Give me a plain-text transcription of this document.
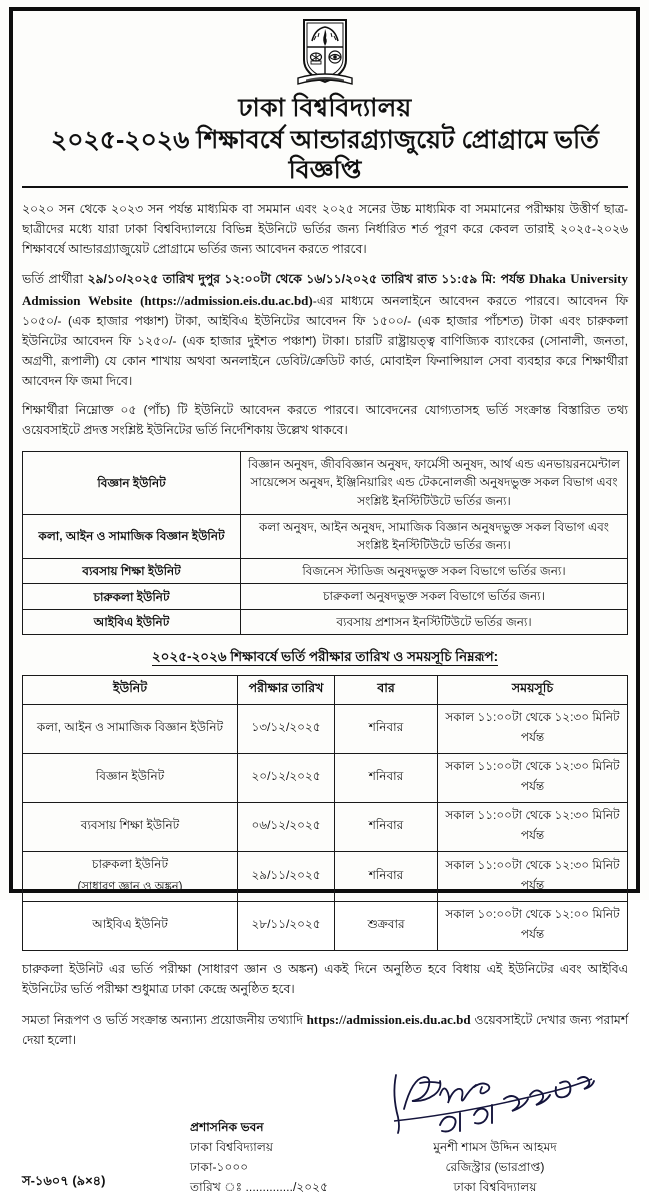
ঢাকা বিশ্ববিদ্যালয়
২০২৫-২০২৬ শিক্ষাবর্ষে আন্ডারগ্র্যাজুয়েট প্রোগ্রামে ভর্তি বিজ্ঞপ্তি
২০২০ সন থেকে ২০২৩ সন পর্যন্ত মাধ্যমিক বা সমমান এবং ২০২৫ সনের উচ্চ মাধ্যমিক বা সমমানের পরীক্ষায় উত্তীর্ণ ছাত্র-ছাত্রীদের মধ্যে যারা ঢাকা বিশ্ববিদ্যালয়ে বিভিন্ন ইউনিটে ভর্তির জন্য নির্ধারিত শর্ত পূরণ করে কেবল তারাই ২০২৫-২০২৬ শিক্ষাবর্ষে আন্ডারগ্র্যাজুয়েট প্রোগ্রামে ভর্তির জন্য আবেদন করতে পারবে।
ভর্তি প্রার্থীরা ২৯/১০/২০২৫ তারিখ দুপুর ১২:০০টা থেকে ১৬/১১/২০২৫ তারিখ রাত ১১:৫৯ মি: পর্যন্ত Dhaka University Admission Website (https://admission.eis.du.ac.bd)-এর মাধ্যমে অনলাইনে আবেদন করতে পারবে। আবেদন ফি ১০৫০/- (এক হাজার পঞ্চাশ) টাকা, আইবিএ ইউনিটের আবেদন ফি ১৫০০/- (এক হাজার পাঁচশত) টাকা এবং চারুকলা ইউনিটের আবেদন ফি ১২৫০/- (এক হাজার দুইশত পঞ্চাশ) টাকা। চারটি রাষ্ট্রায়ত্ত্ব বাণিজ্যিক ব্যাংকের (সোনালী, জনতা, অগ্রণী, রূপালী) যে কোন শাখায় অথবা অনলাইনে ডেবিট/ক্রেডিট কার্ড, মোবাইল ফিনান্সিয়াল সেবা ব্যবহার করে শিক্ষার্থীরা আবেদন ফি জমা দিবে।
শিক্ষার্থীরা নিম্নোক্ত ০৫ (পাঁচ) টি ইউনিটে আবেদন করতে পারবে। আবেদনের যোগ্যতাসহ ভর্তি সংক্রান্ত বিস্তারিত তথ্য ওয়েবসাইটে প্রদত্ত সংশ্লিষ্ট ইউনিটের ভর্তি নির্দেশিকায় উল্লেখ থাকবে।
বিজ্ঞান ইউনিট	বিজ্ঞান অনুষদ, জীববিজ্ঞান অনুষদ, ফার্মেসী অনুষদ, আর্থ এন্ড এনভায়রনমেন্টাল সায়েন্সেস অনুষদ, ইঞ্জিনিয়ারিং এন্ড টেকনোলজী অনুষদভুক্ত সকল বিভাগ এবং সংশ্লিষ্ট ইনস্টিটিউটে ভর্তির জন্য।
কলা, আইন ও সামাজিক বিজ্ঞান ইউনিট	কলা অনুষদ, আইন অনুষদ, সামাজিক বিজ্ঞান অনুষদভুক্ত সকল বিভাগ এবং সংশ্লিষ্ট ইনস্টিটিউটে ভর্তির জন্য।
ব্যবসায় শিক্ষা ইউনিট	বিজনেস স্টাডিজ অনুষদভুক্ত সকল বিভাগে ভর্তির জন্য।
চারুকলা ইউনিট	চারুকলা অনুষদভুক্ত সকল বিভাগে ভর্তির জন্য।
আইবিএ ইউনিট	ব্যবসায় প্রশাসন ইনস্টিটিউটে ভর্তির জন্য।
২০২৫-২০২৬ শিক্ষাবর্ষে ভর্তি পরীক্ষার তারিখ ও সময়সূচি নিম্নরূপ:
ইউনিট	পরীক্ষার তারিখ	বার	সময়সূচি
কলা, আইন ও সামাজিক বিজ্ঞান ইউনিট	১৩/১২/২০২৫	শনিবার	সকাল ১১:০০টা থেকে ১২:৩০ মিনিট পর্যন্ত
বিজ্ঞান ইউনিট	২০/১২/২০২৫	শনিবার	সকাল ১১:০০টা থেকে ১২:৩০ মিনিট পর্যন্ত
ব্যবসায় শিক্ষা ইউনিট	০৬/১২/২০২৫	শনিবার	সকাল ১১:০০টা থেকে ১২:৩০ মিনিট পর্যন্ত
চারুকলা ইউনিট
(সাধারণ জ্ঞান ও অঙ্কন)	২৯/১১/২০২৫	শনিবার	সকাল ১১:০০টা থেকে ১২:৩০ মিনিট পর্যন্ত
আইবিএ ইউনিট	২৮/১১/২০২৫	শুক্রবার	সকাল ১০:০০টা থেকে ১২:০০ মিনিট পর্যন্ত
চারুকলা ইউনিট এর ভর্তি পরীক্ষা (সাধারণ জ্ঞান ও অঙ্কন) একই দিনে অনুষ্ঠিত হবে বিধায় এই ইউনিটের এবং আইবিএ ইউনিটের ভর্তি পরীক্ষা শুধুমাত্র ঢাকা কেন্দ্রে অনুষ্ঠিত হবে।
সমতা নিরূপণ ও ভর্তি সংক্রান্ত অন্যান্য প্রয়োজনীয় তথ্যাদি https://admission.eis.du.ac.bd ওয়েবসাইটে দেখার জন্য পরামর্শ দেয়া হলো।
স-১৬০৭ (৯×৪)
প্রশাসনিক ভবন
ঢাকা বিশ্ববিদ্যালয়
ঢাকা-১০০০
তারিখ ঃ ............../২০২৫
মুনশী শামস উদ্দিন আহমদ
রেজিস্ট্রার (ভারপ্রাপ্ত)
ঢাকা বিশ্ববিদ্যালয়
